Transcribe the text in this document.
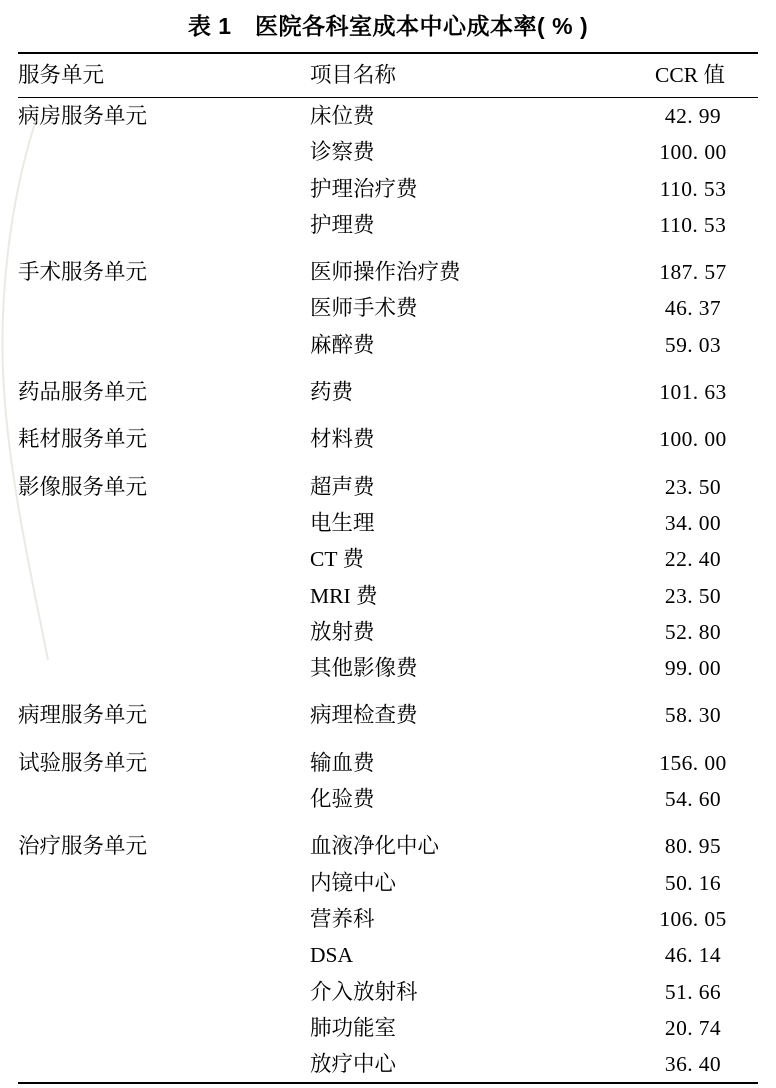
表 1　医院各科室成本中心成本率( % )
服务单元	项目名称	CCR 值
病房服务单元	床位费	42. 99
	诊察费	100. 00
	护理治疗费	110. 53
	护理费	110. 53
手术服务单元	医师操作治疗费	187. 57
	医师手术费	46. 37
	麻醉费	59. 03
药品服务单元	药费	101. 63
耗材服务单元	材料费	100. 00
影像服务单元	超声费	23. 50
	电生理	34. 00
	CT 费	22. 40
	MRI 费	23. 50
	放射费	52. 80
	其他影像费	99. 00
病理服务单元	病理检查费	58. 30
试验服务单元	输血费	156. 00
	化验费	54. 60
治疗服务单元	血液净化中心	80. 95
	内镜中心	50. 16
	营养科	106. 05
	DSA	46. 14
	介入放射科	51. 66
	肺功能室	20. 74
	放疗中心	36. 40
